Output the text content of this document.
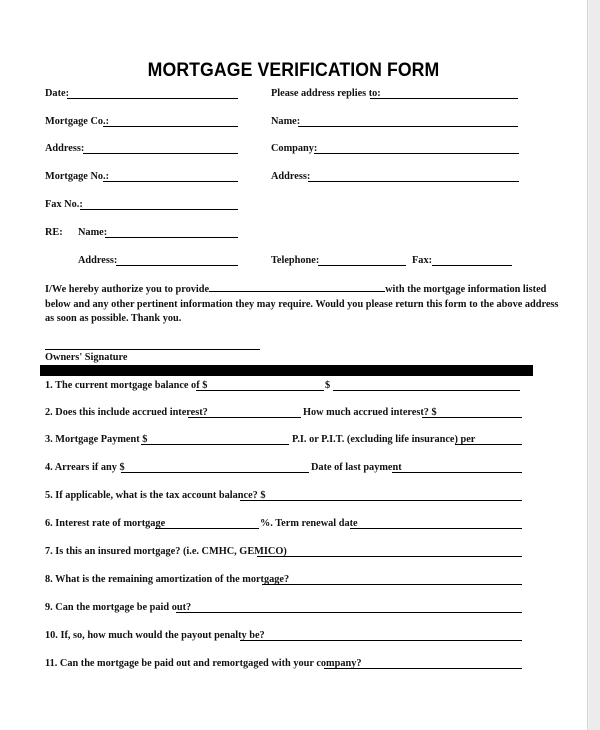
MORTGAGE VERIFICATION FORM
Date:	Please address replies to:
Mortgage Co.:	Name:
Address:	Company:
Mortgage No.:	Address:
Fax No.:
RE: Name:
Address:	Telephone:	Fax:
I/We hereby authorize you to provide	with the mortgage information listed below and any other pertinent information they may require. Would you please return this form to the above address as soon as possible. Thank you.
Owners' Signature
1. The current mortgage balance of $	$
2. Does this include accrued interest?	How much accrued interest? $
3. Mortgage Payment $	P.I. or P.I.T. (excluding life insurance) per
4. Arrears if any $	Date of last payment
5. If applicable, what is the tax account balance? $
6. Interest rate of mortgage	%. Term renewal date
7. Is this an insured mortgage? (i.e. CMHC, GEMICO)
8. What is the remaining amortization of the mortgage?
9. Can the mortgage be paid out?
10. If, so, how much would the payout penalty be?
11. Can the mortgage be paid out and remortgaged with your company?
